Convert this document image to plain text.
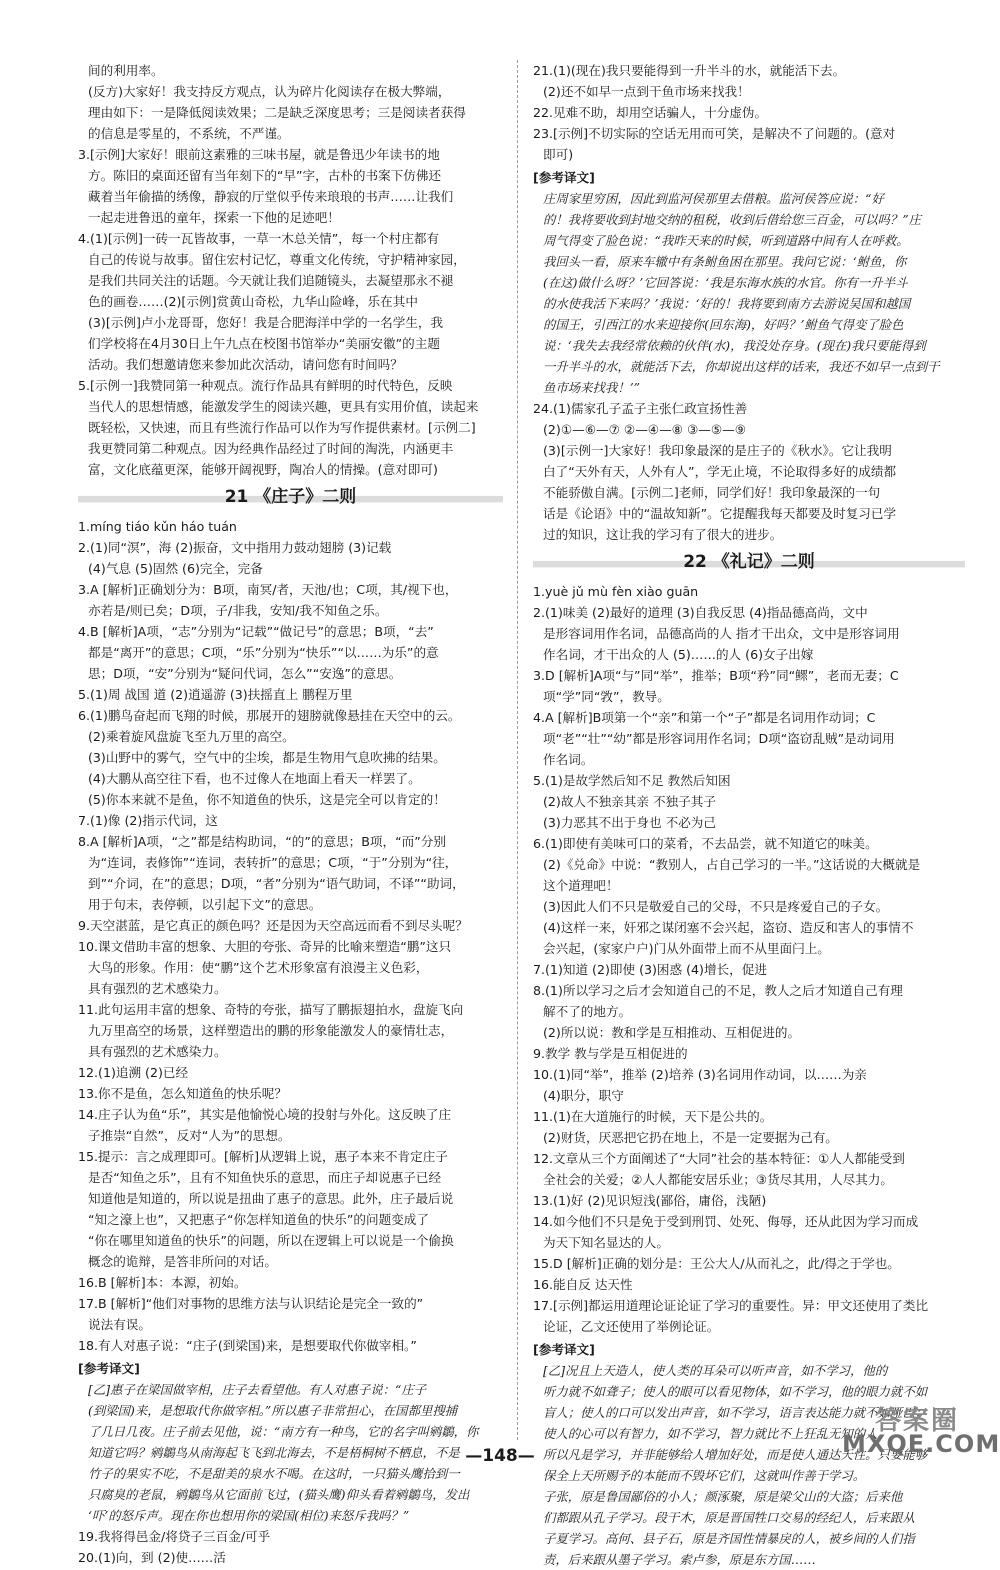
间的利用率。
(反方)大家好！我支持反方观点，认为碎片化阅读存在极大弊端，
理由如下：一是降低阅读效果；二是缺乏深度思考；三是阅读者获得
的信息是零星的，不系统，不严谨。
3.[示例]大家好！眼前这素雅的三味书屋，就是鲁迅少年读书的地
方。陈旧的桌面还留有当年刻下的“早”字，古朴的书案下仿佛还
藏着当年偷描的绣像，静寂的厅堂似乎传来琅琅的书声……让我们
一起走进鲁迅的童年，探索一下他的足迹吧！
4.(1)[示例]一砖一瓦皆故事，一草一木总关情”，每一个村庄都有
自己的传说与故事。留住宏村记忆，尊重文化传统，守护精神家园，
是我们共同关注的话题。今天就让我们追随镜头，去凝望那永不褪
色的画卷……(2)[示例]赏黄山奇松，九华山险峰，乐在其中
(3)[示例]卢小龙哥哥，您好！我是合肥海洋中学的一名学生，我
们学校将在4月30日上午九点在校图书馆举办“美丽安徽”的主题
活动。我们想邀请您来参加此次活动，请问您有时间吗？
5.[示例一]我赞同第一种观点。流行作品具有鲜明的时代特色，反映
当代人的思想情感，能激发学生的阅读兴趣，更具有实用价值，读起来
既轻松，又快速，而且有些流行作品可以作为写作提供素材。[示例二]
我更赞同第二种观点。因为经典作品经过了时间的淘洗，内涵更丰
富，文化底蕴更深，能够开阔视野，陶冶人的情操。(意对即可)
21 《庄子》二则
1.míng tiáo kǔn háo tuán
2.(1)同“溟”，海 (2)振奋，文中指用力鼓动翅膀 (3)记载
(4)气息 (5)固然 (6)完全，完备
3.A [解析]正确划分为：B项，南冥/者，天池/也；C项，其/视下也，
亦若是/则已矣；D项，子/非我，安知/我不知鱼之乐。
4.B [解析]A项，“志”分别为“记载”“做记号”的意思；B项，“去”
都是“离开”的意思；C项，“乐”分别为“快乐”“以……为乐”的意
思；D项，“安”分别为“疑问代词，怎么”“安逸”的意思。
5.(1)周 战国 道 (2)逍遥游 (3)扶摇直上 鹏程万里
6.(1)鹏鸟奋起而飞翔的时候，那展开的翅膀就像悬挂在天空中的云。
(2)乘着旋风盘旋飞至九万里的高空。
(3)山野中的雾气，空气中的尘埃，都是生物用气息吹拂的结果。
(4)大鹏从高空往下看，也不过像人在地面上看天一样罢了。
(5)你本来就不是鱼，你不知道鱼的快乐，这是完全可以肯定的！
7.(1)像 (2)指示代词，这
8.A [解析]A项，“之”都是结构助词，“的”的意思；B项，“而”分别
为“连词，表修饰”“连词，表转折”的意思；C项，“于”分别为“往，
到”“介词，在”的意思；D项，“者”分别为“语气助词，不译”“助词，
用于句末，表停顿，以引起下文”的意思。
9.天空湛蓝，是它真正的颜色吗？还是因为天空高远而看不到尽头呢？
10.课文借助丰富的想象、大胆的夸张、奇异的比喻来塑造“鹏”这只
大鸟的形象。作用：使“鹏”这个艺术形象富有浪漫主义色彩，
具有强烈的艺术感染力。
11.此句运用丰富的想象、奇特的夸张，描写了鹏振翅拍水，盘旋飞向
九万里高空的场景，这样塑造出的鹏的形象能激发人的豪情壮志，
具有强烈的艺术感染力。
12.(1)追溯 (2)已经
13.你不是鱼，怎么知道鱼的快乐呢？
14.庄子认为鱼“乐”，其实是他愉悦心境的投射与外化。这反映了庄
子推崇“自然”，反对“人为”的思想。
15.提示：言之成理即可。[解析]从逻辑上说，惠子本来不肯定庄子
是否“知鱼之乐”，且有不知鱼快乐的意思，而庄子却说惠子已经
知道他是知道的，所以说是扭曲了惠子的意思。此外，庄子最后说
“知之濠上也”，又把惠子“你怎样知道鱼的快乐”的问题变成了
“你在哪里知道鱼的快乐”的问题，所以在逻辑上可以说是一个偷换
概念的诡辩，是答非所问的对话。
16.B [解析]本：本源，初始。
17.B [解析]“他们对事物的思维方法与认识结论是完全一致的”
说法有误。
18.有人对惠子说：“庄子(到梁国)来，是想要取代你做宰相。”
[参考译文]
[乙]惠子在梁国做宰相，庄子去看望他。有人对惠子说：“庄子
(到梁国)来，是想取代你做宰相。”所以惠子非常担心，在国都里搜捕
了几日几夜。庄子前去见他，说：“南方有一种鸟，它的名字叫鹓鶵，你
知道它吗？鹓鶵鸟从南海起飞飞到北海去，不是梧桐树不栖息，不是
竹子的果实不吃，不是甜美的泉水不喝。在这时，一只猫头鹰拾到一
只腐臭的老鼠，鹓鶵鸟从它面前飞过，(猫头鹰)仰头看着鹓鶵鸟，发出
‘吓’的怒斥声。现在你也想用你的梁国(相位)来怒斥我吗？”
19.我将得邑金/将贷子三百金/可乎
20.(1)向，到 (2)使……活
21.(1)(现在)我只要能得到一升半斗的水，就能活下去。
(2)还不如早一点到干鱼市场来找我！
22.见难不助，却用空话骗人，十分虚伪。
23.[示例]不切实际的空话无用而可笑，是解决不了问题的。(意对
即可)
[参考译文]
庄周家里穷困，因此到监河侯那里去借粮。监河侯答应说：“好
的！我将要收到封地交纳的租税，收到后借给您三百金，可以吗？”庄
周气得变了脸色说：“我昨天来的时候，听到道路中间有人在呼救。
我回头一看，原来车辙中有条鲋鱼困在那里。我问它说：‘鲋鱼，你
(在这)做什么呀？’它回答说：‘我是东海水族的水官。你有一升半斗
的水使我活下来吗？’我说：‘好的！我将要到南方去游说吴国和越国
的国王，引西江的水来迎接你(回东海)，好吗？’鲋鱼气得变了脸色
说：‘我失去我经常依赖的伙伴(水)，我没处存身。(现在)我只要能得到
一升半斗的水，就能活下去，你却说出这样的话来，我还不如早一点到干
鱼市场来找我！’”
24.(1)儒家孔子孟子主张仁政宣扬性善
(2)①—⑥—⑦ ②—④—⑧ ③—⑤—⑨
(3)[示例一]大家好！我印象最深的是庄子的《秋水》。它让我明
白了“天外有天，人外有人”，学无止境，不论取得多好的成绩都
不能骄傲自满。[示例二]老师，同学们好！我印象最深的一句
话是《论语》中的“温故知新”。它提醒我每天都要及时复习已学
过的知识，这让我的学习有了很大的进步。
22 《礼记》二则
1.yuè jǔ mù fèn xiào guān
2.(1)味美 (2)最好的道理 (3)自我反思 (4)指品德高尚，文中
是形容词用作名词，品德高尚的人 指才干出众，文中是形容词用
作名词，才干出众的人 (5)……的人 (6)女子出嫁
3.D [解析]A项“与”同“举”，推举；B项“矜”同“鳏”，老而无妻；C
项“学”同“敩”，教导。
4.A [解析]B项第一个“亲”和第一个“子”都是名词用作动词；C
项“老”“壮”“幼”都是形容词用作名词；D项“盗窃乱贼”是动词用
作名词。
5.(1)是故学然后知不足 教然后知困
(2)故人不独亲其亲 不独子其子
(3)力恶其不出于身也 不必为己
6.(1)即使有美味可口的菜肴，不去品尝，就不知道它的味美。
(2)《兑命》中说：“教别人，占自己学习的一半。”这话说的大概就是
这个道理吧！
(3)因此人们不只是敬爱自己的父母，不只是疼爱自己的子女。
(4)这样一来，奸邪之谋闭塞不会兴起，盗窃、造反和害人的事情不
会兴起，(家家户户)门从外面带上而不从里面闩上。
7.(1)知道 (2)即使 (3)困惑 (4)增长，促进
8.(1)所以学习之后才会知道自己的不足，教人之后才知道自己有理
解不了的地方。
(2)所以说：教和学是互相推动、互相促进的。
9.教学 教与学是互相促进的
10.(1)同“举”，推举 (2)培养 (3)名词用作动词，以……为亲
(4)职分，职守
11.(1)在大道施行的时候，天下是公共的。
(2)财货，厌恶把它扔在地上，不是一定要据为己有。
12.文章从三个方面阐述了“大同”社会的基本特征：①人人都能受到
全社会的关爱；②人人都能安居乐业；③货尽其用，人尽其力。
13.(1)好 (2)见识短浅(鄙俗，庸俗，浅陋)
14.如今他们不只是免于受到刑罚、处死、侮辱，还从此因为学习而成
为天下知名显达的人。
15.D [解析]正确的划分是：王公大人/从而礼之，此/得之于学也。
16.能自反 达天性
17.[示例]都运用道理论证论证了学习的重要性。异：甲文还使用了类比
论证，乙文还使用了举例论证。
[参考译文]
[乙]况且上天造人，使人类的耳朵可以听声音，如不学习，他的
听力就不如聋子；使人的眼可以看见物体，如不学习，他的眼力就不如
盲人；使人的口可以发出声音，如不学习，语言表达能力就不如哑巴；
使人的心可以有智力，如不学习，智力就比不上狂乱无知的人。
所以凡是学习，并非能够给人增加好处，而是使人通达天性。只要能够
保全上天所赐予的本能而不毁坏它们，这就叫作善于学习。
子张，原是鲁国鄙俗的小人；颜涿聚，原是梁父山的大盗；后来他
们都跟从孔子学习。段干木，原是晋国牲口交易的经纪人，后来跟从
子夏学习。高何、县子石，原是齐国性情暴戾的人，被乡间的人们指
责，后来跟从墨子学习。索卢参，原是东方国……
—148—
答案圈
MXQE.COM
